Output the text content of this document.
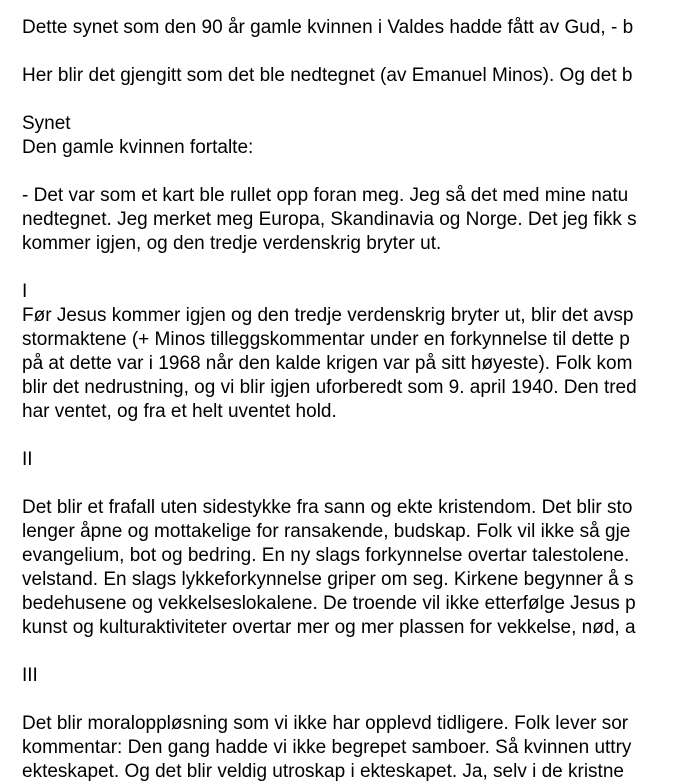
Dette synet som den 90 år gamle kvinnen i Valdes hadde fått av Gud, - b

Her blir det gjengitt som det ble nedtegnet (av Emanuel Minos). Og det b

Synet
Den gamle kvinnen fortalte:
- Det var som et kart ble rullet opp foran meg. Jeg så det med mine natu
nedtegnet. Jeg merket meg Europa, Skandinavia og Norge. Det jeg fikk s
kommer igjen, og den tredje verdenskrig bryter ut.
I
Før Jesus kommer igjen og den tredje verdenskrig bryter ut, blir det avsp
stormaktene (+ Minos tilleggskommentar under en forkynnelse til dette p
på at dette var i 1968 når den kalde krigen var på sitt høyeste). Folk kom
blir det nedrustning, og vi blir igjen uforberedt som 9. april 1940. Den tred
har ventet, og fra et helt uventet hold.
II
Det blir et frafall uten sidestykke fra sann og ekte kristendom. Det blir sto
lenger åpne og mottakelige for ransakende, budskap. Folk vil ikke så gje
evangelium, bot og bedring. En ny slags forkynnelse overtar talestolene.
velstand. En slags lykkeforkynnelse griper om seg. Kirkene begynner å s
bedehusene og vekkelseslokalene. De troende vil ikke etterfølge Jesus p
kunst og kulturaktiviteter overtar mer og mer plassen for vekkelse, nød, a
III
Det blir moraloppløsning som vi ikke har opplevd tidligere. Folk lever sor
kommentar: Den gang hadde vi ikke begrepet samboer. Så kvinnen uttry
ekteskapet. Og det blir veldig utroskap i ekteskapet. Ja, selv i de kristne
